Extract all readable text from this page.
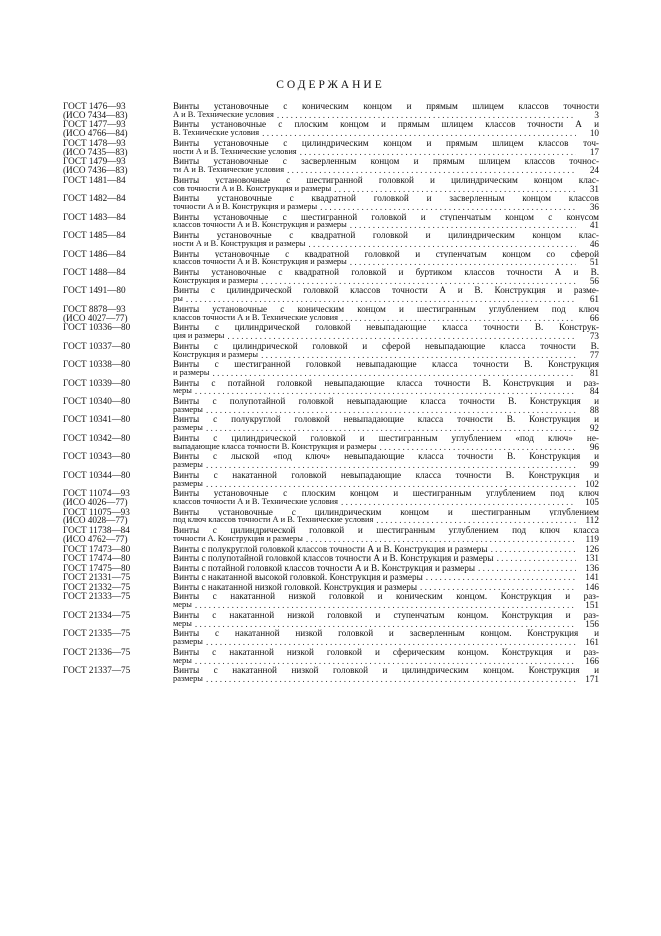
СОДЕРЖАНИЕ
ГОСТ 1476—93
(ИСО 7434—83)
Винты установочные с коническим концом и прямым шлицем классов точности
А и В. Технические условия . . .	3
ГОСТ 1477—93
(ИСО 4766—84)
Винты установочные с плоским концом и прямым шлицем классов точности А и
В. Технические условия . . .	10
ГОСТ 1478—93
(ИСО 7435—83)
Винты установочные с цилиндрическим концом и прямым шлицем классов точ-
ности А и В. Технические условия . . .	17
ГОСТ 1479—93
(ИСО 7436—83)
Винты установочные с засверленным концом и прямым шлицем классов точнос-
ти А и В. Технические условия . . .	24
ГОСТ 1481—84	Винты установочные с шестигранной головкой и цилиндрическим концом клас-
сов точности А и В. Конструкция и размеры . . .	31
ГОСТ 1482—84	Винты установочные с квадратной головкой и засверленным концом классов
точности А и В. Конструкция и размеры . . .	36
ГОСТ 1483—84	Винты установочные с шестигранной головкой и ступенчатым концом с конусом
классов точности А и В. Конструкция и размеры . . .	41
ГОСТ 1485—84	Винты установочные с квадратной головкой и цилиндрическим концом клас-
ности А и В. Конструкция и размеры . . .	46
ГОСТ 1486—84	Винты установочные с квадратной головкой и ступенчатым концом со сферой
классов точности А и В. Конструкция и размеры . . .	51
ГОСТ 1488—84	Винты установочные с квадратной головкой и буртиком классов точности А и В.
Конструкция и размеры . . .	56
ГОСТ 1491—80	Винты с цилиндрической головкой классов точности А и В. Конструкция и разме-
ры . . .	61
ГОСТ 8878—93
(ИСО 4027—77)
Винты установочные с коническим концом и шестигранным углублением под ключ
классов точности А и В. Технические условия . . .	66
ГОСТ 10336—80	Винты с цилиндрической головкой невыпадающие класса точности В. Конструк-
ция и размеры . . .	73
ГОСТ 10337—80	Винты с цилиндрической головкой и сферой невыпадающие класса точности В.
Конструкция и размеры . . .	77
ГОСТ 10338—80	Винты с шестигранной головкой невыпадающие класса точности В. Конструкция
и размеры . . .	81
ГОСТ 10339—80	Винты с потайной головкой невыпадающие класса точности В. Конструкция и раз-
меры . . .	84
ГОСТ 10340—80	Винты с полупотайной головкой невыпадающие класса точности В. Конструкция и
размеры . . .	88
ГОСТ 10341—80	Винты с полукруглой головкой невыпадающие класса точности В. Конструкция и
размеры . . .	92
ГОСТ 10342—80	Винты с цилиндрической головкой и шестигранным углублением «под ключ» не-
выпадающие класса точности В. Конструкция и размеры . . .	96
ГОСТ 10343—80	Винты с лыской «под ключ» невыпадающие класса точности В. Конструкция и
размеры . . .	99
ГОСТ 10344—80	Винты с накатанной головкой невыпадающие класса точности В. Конструкция и
размеры . . .	102
ГОСТ 11074—93
(ИСО 4026—77)
Винты установочные с плоским концом и шестигранным углублением под ключ
классов точности А и В. Технические условия . . .	105
ГОСТ 11075—93
(ИСО 4028—77)
Винты установочные с цилиндрическим концом и шестигранным углублением
под ключ классов точности А и В. Технические условия . . .	112
ГОСТ 11738—84
(ИСО 4762—77)
Винты с цилиндрической головкой и шестигранным углублением под ключ класса
точности А. Конструкция и размеры . . .	119
ГОСТ 17473—80	Винты с полукруглой головкой классов точности А и В. Конструкция и размеры . . .	126
ГОСТ 17474—80	Винты с полупотайной головкой классов точности А и В. Конструкция и размеры . . .	131
ГОСТ 17475—80	Винты с потайной головкой классов точности А и В. Конструкция и размеры . . .	136
ГОСТ 21331—75	Винты с накатанной высокой головкой. Конструкция и размеры . . .	141
ГОСТ 21332—75	Винты с накатанной низкой головкой. Конструкция и размеры . . .	146
ГОСТ 21333—75	Винты с накатанной низкой головкой и коническим концом. Конструкция и раз-
меры . . .	151
ГОСТ 21334—75	Винты с накатанной низкой головкой и ступенчатым концом. Конструкция и раз-
меры . . .	156
ГОСТ 21335—75	Винты с накатанной низкой головкой и засверленным концом. Конструкция и
размеры . . .	161
ГОСТ 21336—75	Винты с накатанной низкой головкой и сферическим концом. Конструкция и раз-
меры . . .	166
ГОСТ 21337—75	Винты с накатанной низкой головкой и цилиндрическим концом. Конструкция и
размеры . . .	171
